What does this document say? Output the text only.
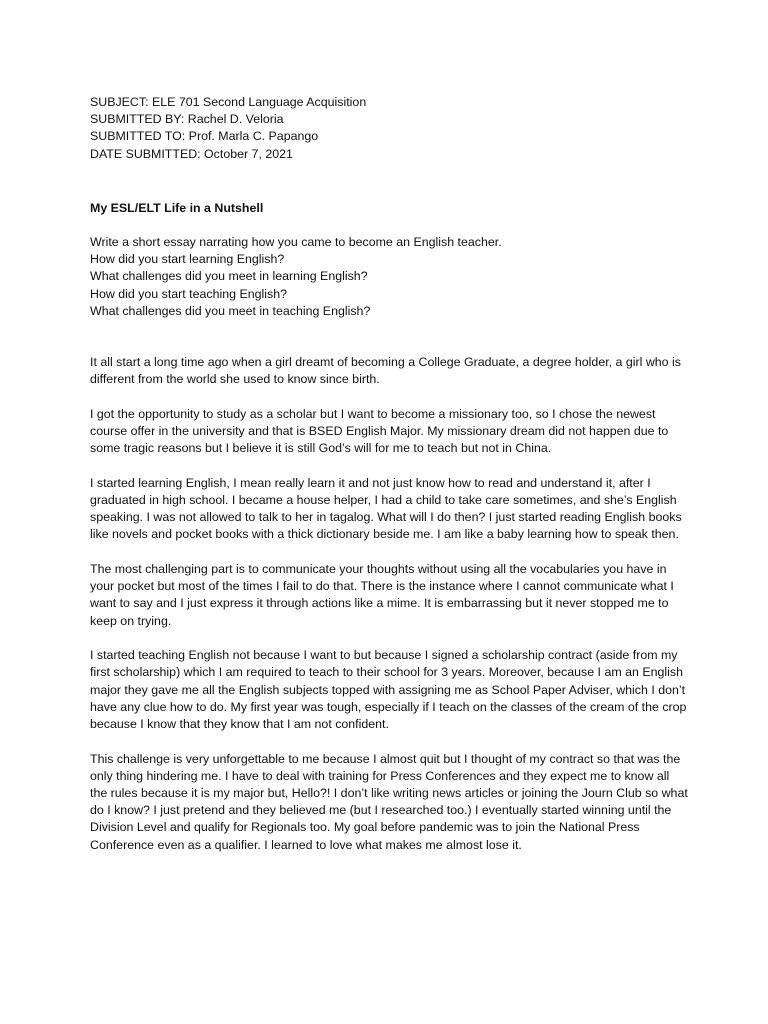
SUBJECT: ELE 701 Second Language Acquisition

SUBMITTED BY: Rachel D. Veloria

SUBMITTED TO: Prof. Marla C. Papango

DATE SUBMITTED: October 7, 2021

My ESL/ELT Life in a Nutshell

Write a short essay narrating how you came to become an English teacher.

How did you start learning English?

What challenges did you meet in learning English?

How did you start teaching English?

What challenges did you meet in teaching English?

It all start a long time ago when a girl dreamt of becoming a College Graduate, a degree holder, a girl who is different from the world she used to know since birth.

I got the opportunity to study as a scholar but I want to become a missionary too, so I chose the newest course offer in the university and that is BSED English Major. My missionary dream did not happen due to some tragic reasons but I believe it is still God’s will for me to teach but not in China.

I started learning English, I mean really learn it and not just know how to read and understand it, after I graduated in high school. I became a house helper, I had a child to take care sometimes, and she’s English speaking. I was not allowed to talk to her in tagalog. What will I do then? I just started reading English books like novels and pocket books with a thick dictionary beside me. I am like a baby learning how to speak then.

The most challenging part is to communicate your thoughts without using all the vocabularies you have in your pocket but most of the times I fail to do that. There is the instance where I cannot communicate what I want to say and I just express it through actions like a mime. It is embarrassing but it never stopped me to keep on trying.

I started teaching English not because I want to but because I signed a scholarship contract (aside from my first scholarship) which I am required to teach to their school for 3 years. Moreover, because I am an English major they gave me all the English subjects topped with assigning me as School Paper Adviser, which I don’t have any clue how to do. My first year was tough, especially if I teach on the classes of the cream of the crop because I know that they know that I am not confident.

This challenge is very unforgettable to me because I almost quit but I thought of my contract so that was the only thing hindering me. I have to deal with training for Press Conferences and they expect me to know all the rules because it is my major but, Hello?! I don’t like writing news articles or joining the Journ Club so what do I know? I just pretend and they believed me (but I researched too.) I eventually started winning until the Division Level and qualify for Regionals too. My goal before pandemic was to join the National Press Conference even as a qualifier. I learned to love what makes me almost lose it.
